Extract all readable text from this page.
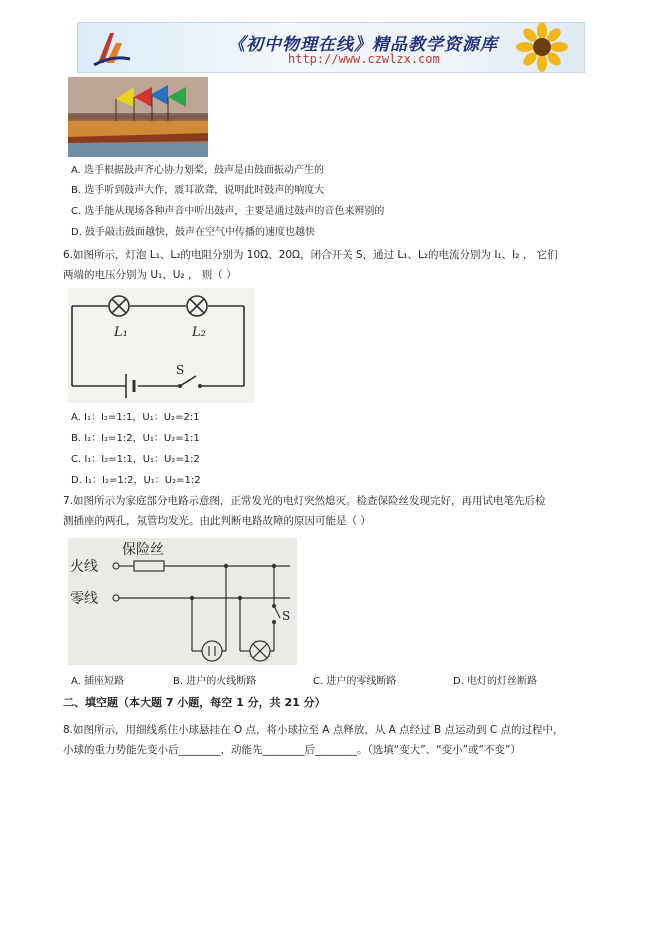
《初中物理在线》精品教学资源库
http://www.czwlzx.com
A. 选手根据鼓声齐心协力划桨，鼓声是由鼓面振动产生的
B. 选手听到鼓声大作，震耳欲聋，说明此时鼓声的响度大
C. 选手能从现场各种声音中听出鼓声，主要是通过鼓声的音色来辨别的
D. 鼓手敲击鼓面越快，鼓声在空气中传播的速度也越快
6.如图所示，灯泡 L₁、L₂的电阻分别为 10Ω、20Ω，闭合开关 S，通过 L₁、L₂的电流分别为 I₁、I₂ ， 它们
两端的电压分别为 U₁、U₂ ， 则（ ）
L₁	L₂
S
A. I₁：I₂=1:1，U₁：U₂=2:1
B. I₁：I₂=1:2，U₁：U₂=1:1
C. I₁：I₂=1:1，U₁：U₂=1:2
D. I₁：I₂=1:2，U₁：U₂=1:2
7.如图所示为家庭部分电路示意图，正常发光的电灯突然熄灭。检查保险丝发现完好，再用试电笔先后检
测插座的两孔，氖管均发光。由此判断电路故障的原因可能是（ ）
保险丝
火线
零线
S
A. 插座短路	B. 进户的火线断路	C. 进户的零线断路	D. 电灯的灯丝断路
二、填空题（本大题 7 小题，每空 1 分，共 21 分）
8.如图所示，用细线系住小球悬挂在 O 点，将小球拉至 A 点释放，从 A 点经过 B 点运动到 C 点的过程中，
小球的重力势能先变小后________，动能先________后________。（选填“变大”、“变小”或“不变”）
